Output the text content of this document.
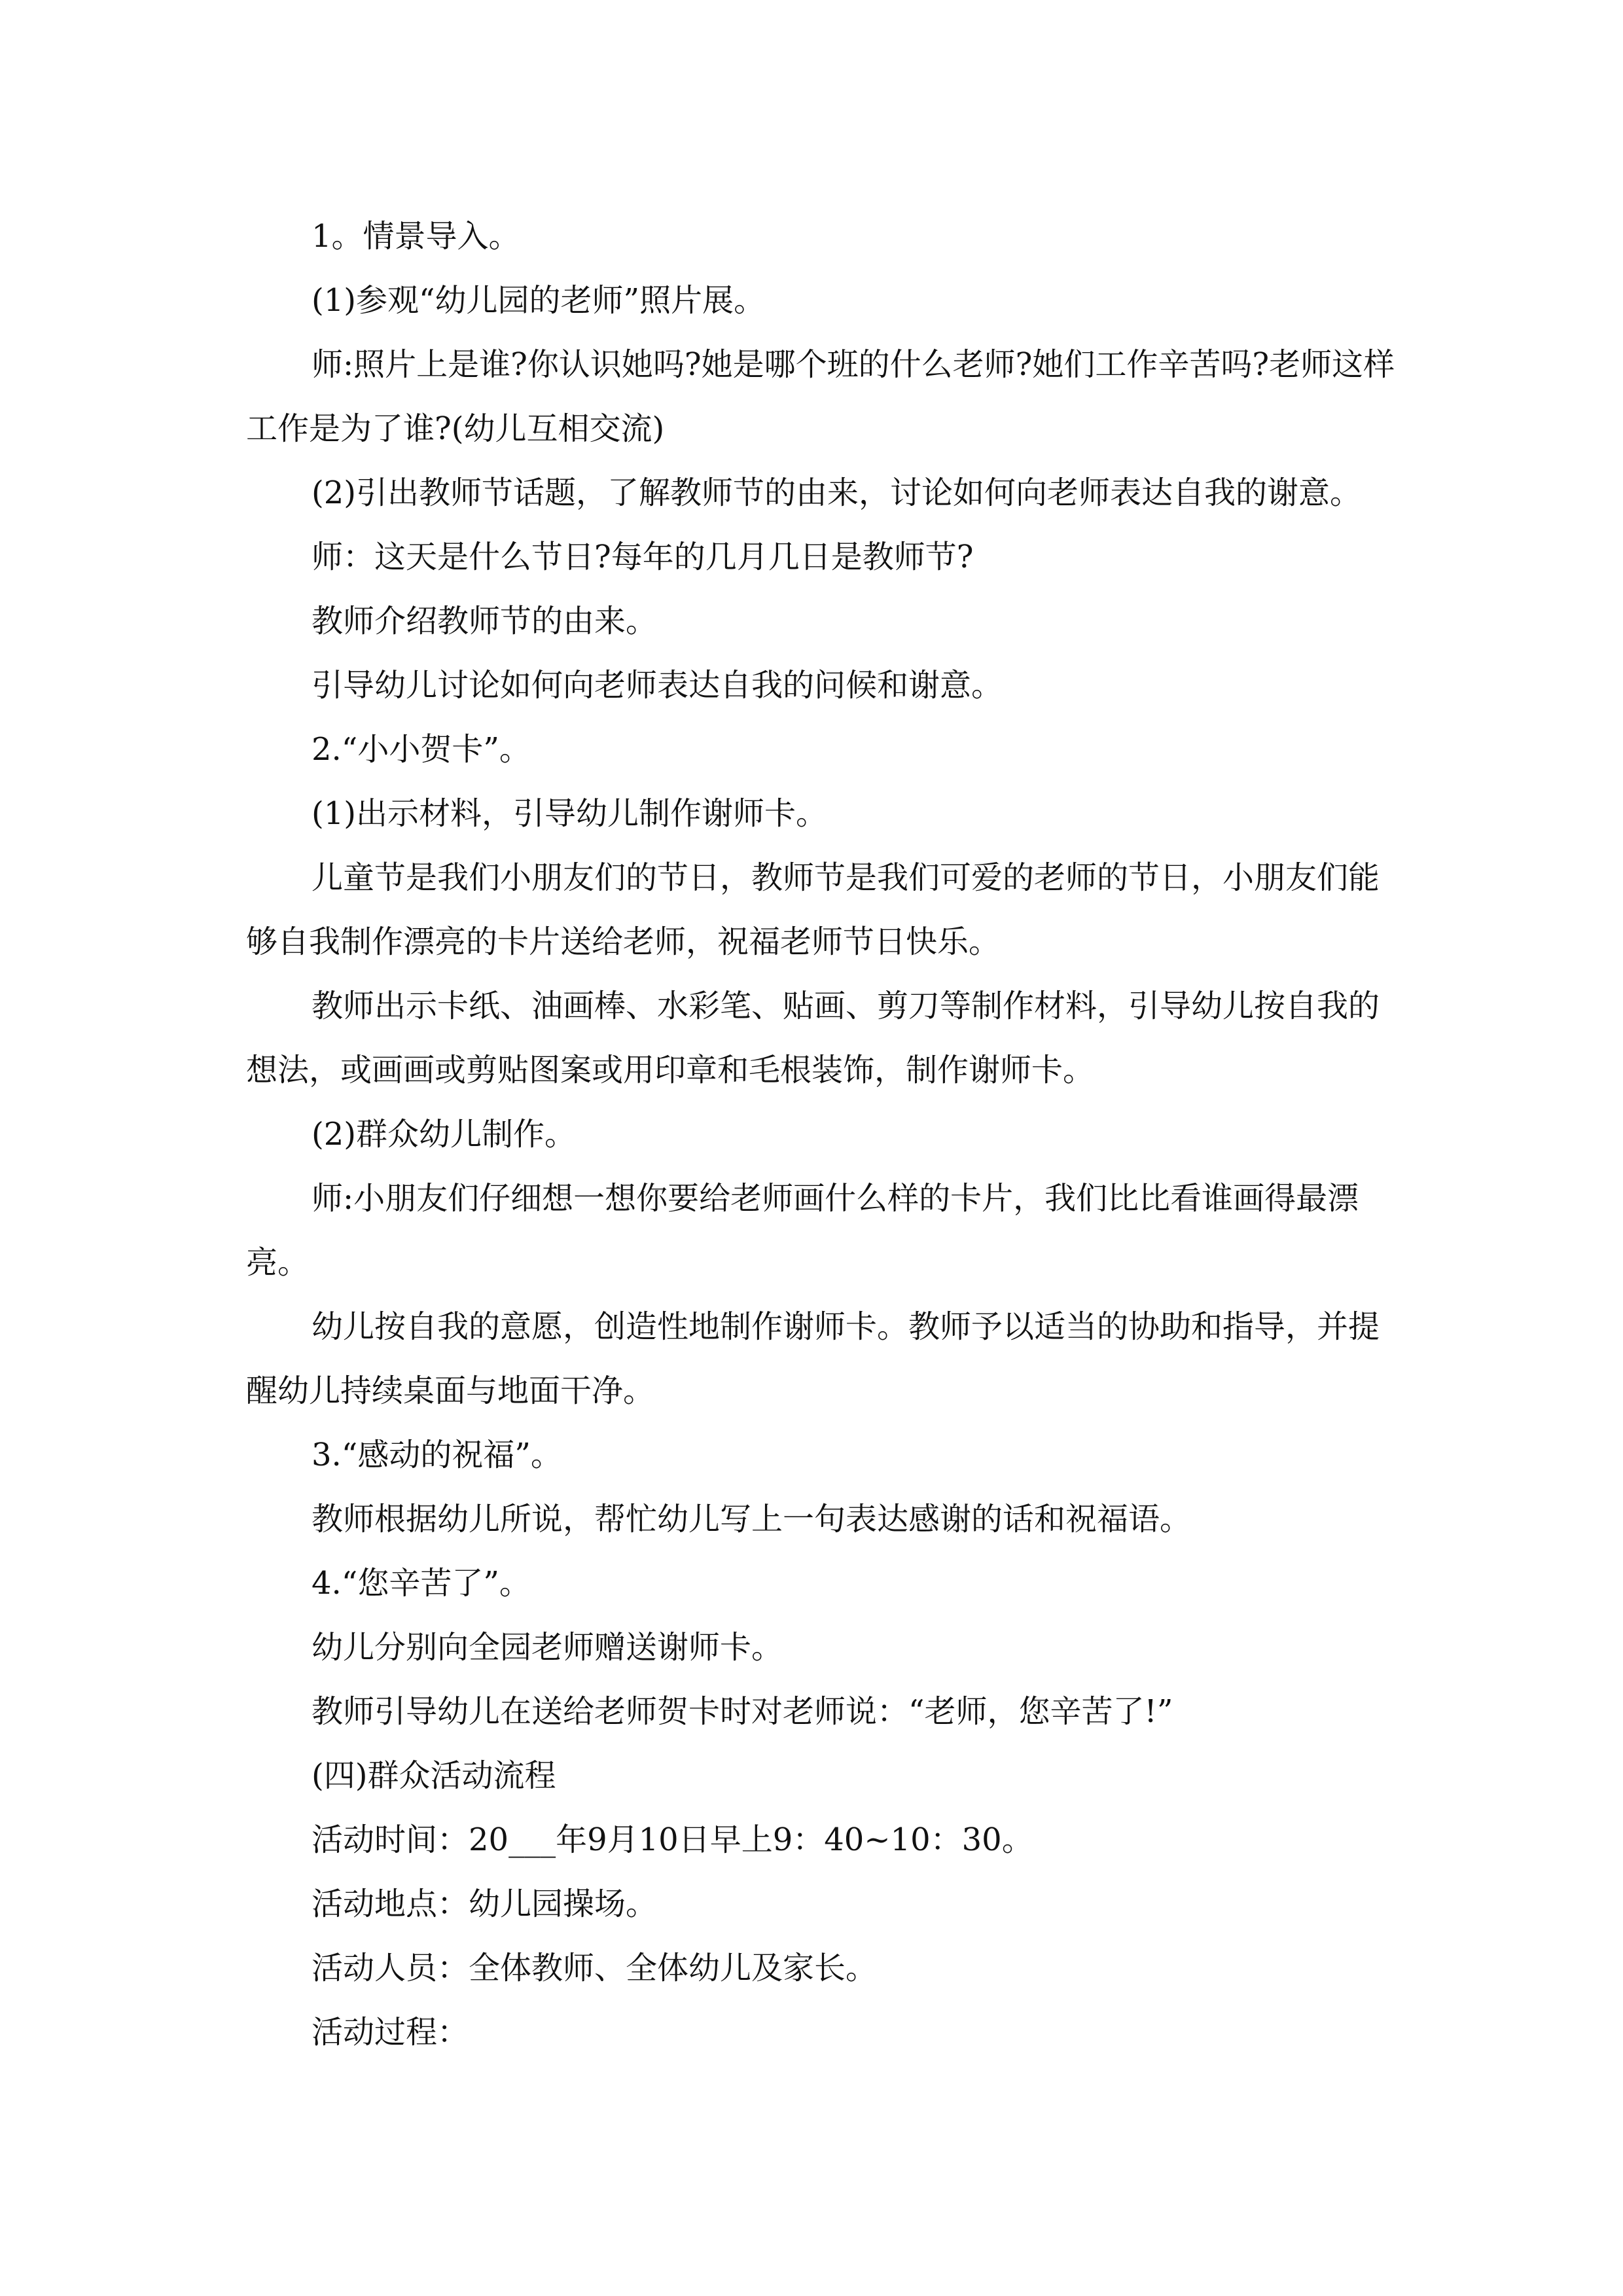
1。情景导入。

(1)参观“幼儿园的老师”照片展。

师:照片上是谁?你认识她吗?她是哪个班的什么老师?她们工作辛苦吗?老师这样工作是为了谁?(幼儿互相交流)

(2)引出教师节话题，了解教师节的由来，讨论如何向老师表达自我的谢意。

师：这天是什么节日?每年的几月几日是教师节?

教师介绍教师节的由来。

引导幼儿讨论如何向老师表达自我的问候和谢意。

2.“小小贺卡”。

(1)出示材料，引导幼儿制作谢师卡。

儿童节是我们小朋友们的节日，教师节是我们可爱的老师的节日，小朋友们能够自我制作漂亮的卡片送给老师，祝福老师节日快乐。

教师出示卡纸、油画棒、水彩笔、贴画、剪刀等制作材料，引导幼儿按自我的想法，或画画或剪贴图案或用印章和毛根装饰，制作谢师卡。

(2)群众幼儿制作。

师:小朋友们仔细想一想你要给老师画什么样的卡片，我们比比看谁画得最漂亮。

幼儿按自我的意愿，创造性地制作谢师卡。教师予以适当的协助和指导，并提醒幼儿持续桌面与地面干净。

3.“感动的祝福”。

教师根据幼儿所说，帮忙幼儿写上一句表达感谢的话和祝福语。

4.“您辛苦了”。

幼儿分别向全园老师赠送谢师卡。

教师引导幼儿在送给老师贺卡时对老师说：“老师，您辛苦了!”

(四)群众活动流程

活动时间：20___年9月10日早上9：40~10：30。

活动地点：幼儿园操场。

活动人员：全体教师、全体幼儿及家长。

活动过程：
